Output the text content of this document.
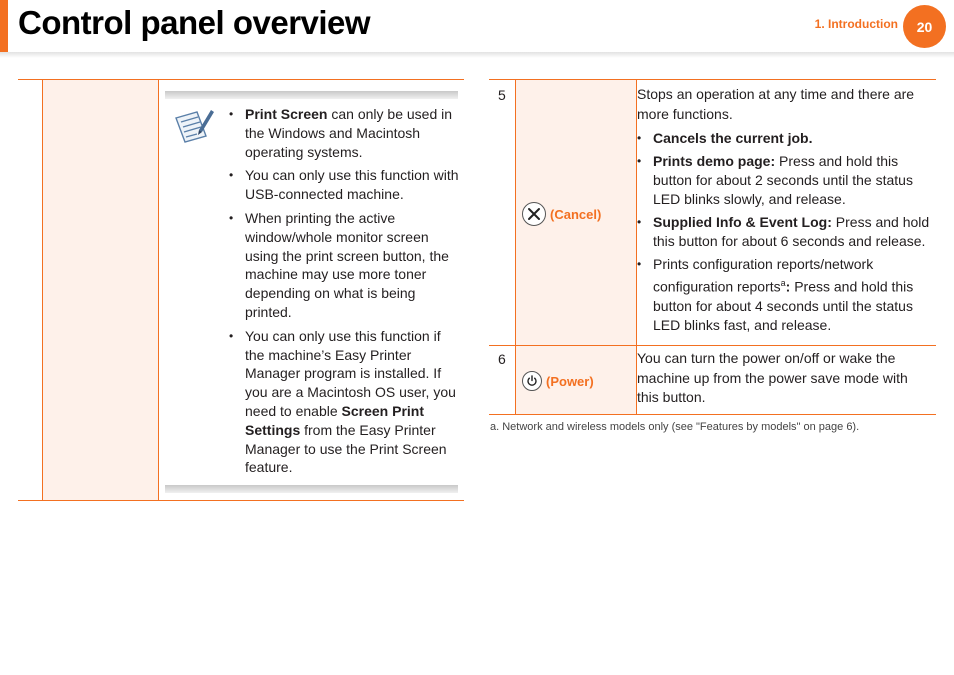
Control panel overview	1. Introduction	20
• Print Screen can only be used in the Windows and Macintosh operating systems.
• You can only use this function with USB-connected machine.
• When printing the active window/whole monitor screen using the print screen button, the machine may use more toner depending on what is being printed.
• You can only use this function if the machine’s Easy Printer Manager program is installed. If you are a Macintosh OS user, you need to enable Screen Print Settings from the Easy Printer Manager to use the Print Screen feature.
5
(Cancel)

Stops an operation at any time and there are more functions.

• Cancels the current job.
• Prints demo page: Press and hold this button for about 2 seconds until the status LED blinks slowly, and release.
• Supplied Info & Event Log: Press and hold this button for about 6 seconds and release.
• Prints configuration reports/network configuration reports$^a$: Press and hold this button for about 4 seconds until the status LED blinks fast, and release.
6
(Power)

You can turn the power on/off or wake the machine up from the power save mode with this button.

a. Network and wireless models only (see "Features by models" on page 6).
